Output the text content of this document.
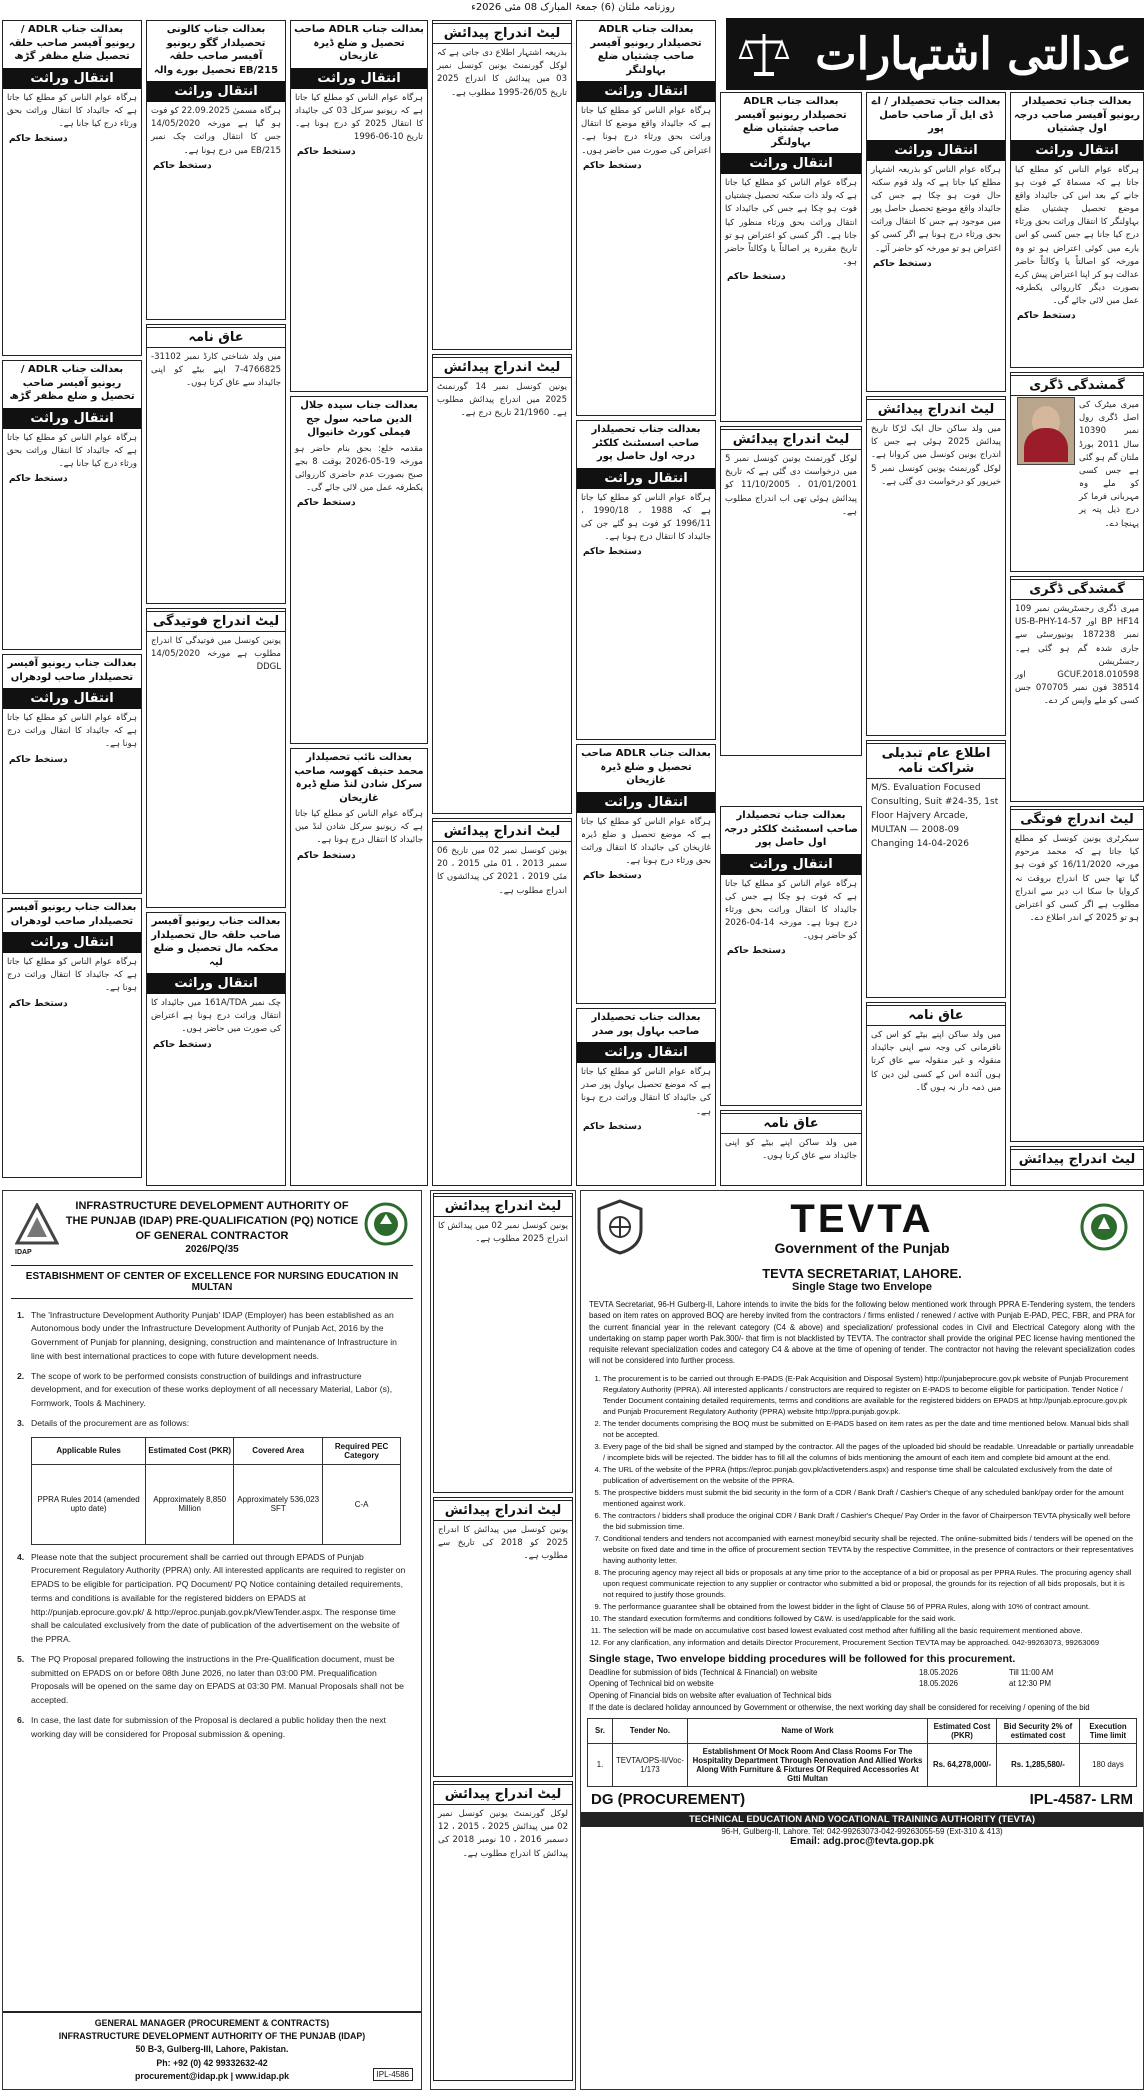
روزنامہ ملتان (6) جمعۃ المبارک 08 مئی 2026ء
عدالتی اشتہارات
بعدالت جناب تحصیلدار ریونیو آفیسر صاحب درجہ اول چشتیاں
انتقال وراثت
ہرگاہ عوام الناس کو مطلع کیا جاتا ہے کہ مسماۃ کے فوت ہو جانے کے بعد اس کی جائیداد واقع موضع تحصیل چشتیاں ضلع بہاولنگر کا انتقال وراثت بحق ورثاء درج کیا جانا ہے جس کسی کو اس بارے میں کوئی اعتراض ہو تو وہ مورخہ کو اصالتاً یا وکالتاً حاضر عدالت ہو کر اپنا اعتراض پیش کرے بصورت دیگر کارروائی یکطرفہ عمل میں لائی جائے گی۔
دستخط حاکم
بعدالت جناب تحصیلدار / اے ڈی ایل آر صاحب حاصل پور
انتقال وراثت
ہرگاہ عوام الناس کو بذریعہ اشتہار مطلع کیا جاتا ہے کہ ولد قوم سکنہ حال فوت ہو چکا ہے جس کی جائیداد واقع موضع تحصیل حاصل پور میں موجود ہے جس کا انتقال وراثت بحق ورثاء درج ہونا ہے اگر کسی کو اعتراض ہو تو مورخہ کو حاضر آئے۔
دستخط حاکم
بعدالت جناب ADLR تحصیلدار ریونیو آفیسر صاحب چشتیاں ضلع بہاولنگر
انتقال وراثت
ہرگاہ عوام الناس کو مطلع کیا جاتا ہے کہ ولد ذات سکنہ تحصیل چشتیاں فوت ہو چکا ہے جس کی جائیداد کا انتقال وراثت بحق ورثاء منظور کیا جانا ہے۔ اگر کسی کو اعتراض ہو تو تاریخ مقررہ پر اصالتاً یا وکالتاً حاضر ہو۔
دستخط حاکم
گمشدگی ڈگری
میری میٹرک کی اصل ڈگری رول نمبر 10390 سال 2011 بورڈ ملتان گم ہو گئی ہے جس کسی کو ملے وہ مہربانی فرما کر درج ذیل پتہ پر پہنچا دے۔
گمشدگی ڈگری
میری ڈگری رجسٹریشن نمبر 109 BP HF14 اور 57-US-B-PHY-14 نمبر 187238 یونیورسٹی سے جاری شدہ گم ہو گئی ہے۔ رجسٹریشن 010598.GCUF.2018 اور 38514 فون نمبر 070705 جس کسی کو ملے واپس کر دے۔
لیٹ اندراج فوتگی
سیکرٹری یونین کونسل کو مطلع کیا جاتا ہے کہ محمد مرحوم مورخہ 16/11/2020 کو فوت ہو گیا تھا جس کا اندراج بروقت نہ کروایا جا سکا اب دیر سے اندراج مطلوب ہے اگر کسی کو اعتراض ہو تو 2025 کے اندر اطلاع دے۔
لیٹ اندراج پیدائش
لیٹ اندراج پیدائش
میں ولد ساکن حال ایک لڑکا تاریخ پیدائش 2025 ہوئی ہے جس کا اندراج یونین کونسل میں کروانا ہے۔ لوکل گورنمنٹ یونین کونسل نمبر 5 خیرپور کو درخواست دی گئی ہے۔
لیٹ اندراج پیدائش
لوکل گورنمنٹ یونین کونسل نمبر 5 میں درخواست دی گئی ہے کہ تاریخ 01/01/2001 ، 11/10/2005 کو پیدائش ہوئی تھی اب اندراج مطلوب ہے۔
اطلاع عام تبدیلی شراکت نامہ
M/S. Evaluation Focused Consulting, Suit #24-35, 1st Floor Hajvery Arcade, MULTAN — 2008-09 Changing 14-04-2026
عاق نامہ
میں ولد ساکن اپنے بیٹے کو اس کی نافرمانی کی وجہ سے اپنی جائیداد منقولہ و غیر منقولہ سے عاق کرتا ہوں آئندہ اس کے کسی لین دین کا میں ذمہ دار نہ ہوں گا۔
بعدالت جناب تحصیلدار صاحب اسسٹنٹ کلکٹر درجہ اول حاصل پور
انتقال وراثت
ہرگاہ عوام الناس کو مطلع کیا جاتا ہے کہ فوت ہو چکا ہے جس کی جائیداد کا انتقال وراثت بحق ورثاء درج ہونا ہے۔ مورخہ 14-04-2026 کو حاضر ہوں۔
دستخط حاکم
بعدالت جناب ADLR تحصیلدار ریونیو آفیسر صاحب چشتیاں ضلع بہاولنگر
انتقال وراثت
ہرگاہ عوام الناس کو مطلع کیا جاتا ہے کہ جائیداد واقع موضع کا انتقال وراثت بحق ورثاء درج ہونا ہے۔ اعتراض کی صورت میں حاضر ہوں۔
دستخط حاکم
بعدالت جناب تحصیلدار صاحب اسسٹنٹ کلکٹر درجہ اول حاصل پور
انتقال وراثت
ہرگاہ عوام الناس کو مطلع کیا جاتا ہے کہ 1988 ، 1990/18 ، 1996/11 کو فوت ہو گئے جن کی جائیداد کا انتقال درج ہونا ہے۔
دستخط حاکم
بعدالت جناب ADLR صاحب تحصیل و ضلع ڈیرہ غازیخان
انتقال وراثت
ہرگاہ عوام الناس کو مطلع کیا جاتا ہے کہ موضع تحصیل و ضلع ڈیرہ غازیخان کی جائیداد کا انتقال وراثت بحق ورثاء درج ہونا ہے۔
دستخط حاکم
بعدالت جناب تحصیلدار صاحب بہاول پور صدر
انتقال وراثت
ہرگاہ عوام الناس کو مطلع کیا جاتا ہے کہ موضع تحصیل بہاول پور صدر کی جائیداد کا انتقال وراثت درج ہونا ہے۔
دستخط حاکم	عاق نامہ
میں ولد ساکن اپنے بیٹے کو اپنی جائیداد سے عاق کرتا ہوں۔
لیٹ اندراج پیدائش
بذریعہ اشتہار اطلاع دی جاتی ہے کہ لوکل گورنمنٹ یونین کونسل نمبر 03 میں پیدائش کا اندراج 2025 تاریخ 26/05-1995 مطلوب ہے۔
لیٹ اندراج پیدائش
یونین کونسل نمبر 14 گورنمنٹ 2025 میں اندراج پیدائش مطلوب ہے۔ 21/1960 تاریخ درج ہے۔
لیٹ اندراج پیدائش
یونین کونسل نمبر 02 میں تاریخ 06 سمبر 2013 ، 01 مئی 2015 ، 20 مئی 2019 ، 2021 کی پیدائشوں کا اندراج مطلوب ہے۔
بعدالت جناب ADLR صاحب تحصیل و ضلع ڈیرہ غازیخان
انتقال وراثت
ہرگاہ عوام الناس کو مطلع کیا جاتا ہے کہ ریونیو سرکل 03 کی جائیداد کا انتقال 2025 کو درج ہونا ہے۔ تاریخ 10-06-1996
دستخط حاکم
بعدالت جناب سیدہ جلال الدین صاحبہ سول جج فیملی کورٹ خانیوال
مقدمہ خلع: بحق بنام حاضر ہو مورخہ 19-05-2026 بوقت 8 بجے صبح بصورت عدم حاضری کارروائی یکطرفہ عمل میں لائی جائے گی۔
دستخط حاکم
بعدالت نائب تحصیلدار محمد حنیف کھوسہ صاحب سرکل شادن لنڈ ضلع ڈیرہ غازیخان
ہرگاہ عوام الناس کو مطلع کیا جاتا ہے کہ ریونیو سرکل شادن لنڈ میں جائیداد کا انتقال درج ہونا ہے۔
دستخط حاکم
بعدالت جناب کالونی تحصیلدار گگو ریونیو آفیسر صاحب حلقہ 215/EB تحصیل بورے والہ
انتقال وراثت
ہرگاہ مسمیٰ 22.09.2025 کو فوت ہو گیا ہے مورخہ 14/05/2020 جس کا انتقال وراثت چک نمبر 215/EB میں درج ہونا ہے۔
دستخط حاکم
عاق نامہ
میں ولد شناختی کارڈ نمبر 31102-4766825-7 اپنے بیٹے کو اپنی جائیداد سے عاق کرتا ہوں۔
لیٹ اندراج فوتیدگی
یونین کونسل میں فوتیدگی کا اندراج مطلوب ہے مورخہ 14/05/2020 DDGL
بعدالت جناب ریونیو آفیسر صاحب حلقہ حال تحصیلدار محکمہ مال تحصیل و ضلع لیہ
انتقال وراثت
چک نمبر 161A/TDA میں جائیداد کا انتقال وراثت درج ہونا ہے اعتراض کی صورت میں حاضر ہوں۔
دستخط حاکم
بعدالت جناب ADLR / ریونیو آفیسر صاحب حلقہ تحصیل ضلع مظفر گڑھ
انتقال وراثت
ہرگاہ عوام الناس کو مطلع کیا جاتا ہے کہ جائیداد کا انتقال وراثت بحق ورثاء درج کیا جانا ہے۔
دستخط حاکم
بعدالت جناب ADLR / ریونیو آفیسر صاحب تحصیل و ضلع مظفر گڑھ
انتقال وراثت
ہرگاہ عوام الناس کو مطلع کیا جاتا ہے کہ جائیداد کا انتقال وراثت بحق ورثاء درج کیا جانا ہے۔
دستخط حاکم
بعدالت جناب ریونیو آفیسر تحصیلدار صاحب لودھراں
انتقال وراثت
ہرگاہ عوام الناس کو مطلع کیا جاتا ہے کہ جائیداد کا انتقال وراثت درج ہونا ہے۔
دستخط حاکم
بعدالت جناب ریونیو آفیسر تحصیلدار صاحب لودھراں
انتقال وراثت
ہرگاہ عوام الناس کو مطلع کیا جاتا ہے کہ جائیداد کا انتقال وراثت درج ہونا ہے۔
دستخط حاکم
لیٹ اندراج پیدائش
یونین کونسل نمبر 02 میں پیدائش کا اندراج 2025 مطلوب ہے۔
لیٹ اندراج پیدائش
یونین کونسل میں پیدائش کا اندراج 2025 کو 2018 کی تاریخ سے مطلوب ہے۔
لیٹ اندراج پیدائش
لوکل گورنمنٹ یونین کونسل نمبر 02 میں پیدائش 2025 ، 2015 ، 12 دسمبر 2016 ، 10 نومبر 2018 کی پیدائش کا اندراج مطلوب ہے۔
IDAP
INFRASTRUCTURE DEVELOPMENT AUTHORITY OF THE PUNJAB (IDAP) PRE-QUALIFICATION (PQ) NOTICE OF GENERAL CONTRACTOR
2026/PQ/35
ESTABISHMENT OF CENTER OF EXCELLENCE FOR NURSING EDUCATION IN MULTAN

1. The 'Infrastructure Development Authority Punjab' IDAP (Employer) has been established as an Autonomous body under the Infrastructure Development Authority of Punjab Act, 2016 by the Government of Punjab for planning, designing, construction and maintenance of Infrastructure in line with best international practices to cope with future development needs.

2. The scope of work to be performed consists construction of buildings and infrastructure development, and for execution of these works deployment of all necessary Material, Labor (s), Formwork, Tools & Machinery.

3. Details of the procurement are as follows:

Applicable Rules	Estimated Cost (PKR)	Covered Area	Required PEC Category
PPRA Rules 2014 (amended upto date)	Approximately 8,850 Million	Approximately 536,023 SFT	C-A

4. Please note that the subject procurement shall be carried out through EPADS of Punjab Procurement Regulatory Authority (PPRA) only. All interested applicants are required to register on EPADS to be eligible for participation. PQ Document/ PQ Notice containing detailed requirements, terms and conditions is available for the registered bidders on EPADS at http://punjab.eprocure.gov.pk/ & http://eproc.punjab.gov.pk/ViewTender.aspx. The response time shall be calculated exclusively from the date of publication of the advertisement on the website of the PPRA.

5. The PQ Proposal prepared following the instructions in the Pre-Qualification document, must be submitted on EPADS on or before 08th June 2026, no later than 03:00 PM. Prequalification Proposals will be opened on the same day on EPADS at 03:30 PM. Manual Proposals shall not be accepted.

6. In case, the last date for submission of the Proposal is declared a public holiday then the next working day will be considered for Proposal submission & opening.

GENERAL MANAGER (PROCUREMENT & CONTRACTS)
INFRASTRUCTURE DEVELOPMENT AUTHORITY OF THE PUNJAB (IDAP)
50 B-3, Gulberg-III, Lahore, Pakistan.
Ph: +92 (0) 42 99332632-42
procurement@idap.pk | www.idap.pk	IPL-4586
TEVTA
Government of the Punjab
TEVTA SECRETARIAT, LAHORE.
Single Stage two Envelope
TEVTA Secretariat, 96-H Gulberg-II, Lahore intends to invite the bids for the following below mentioned work through PPRA E-Tendering system, the tenders based on item rates on approved BOQ are hereby invited from the contractors / firms enlisted / renewed / active with Punjab E-PAD, PEC, FBR, and PRA for the current financial year in the relevant category (C4 & above) and specialization/ professional codes in Civil and Electrical Category along with the undertaking on stamp paper worth Pak.300/- that firm is not blacklisted by TEVTA. The contractor shall provide the original PEC license having mentioned the requisite relevant specialization codes and category C4 & above at the time of opening of tender. The contractor not having the relevant specialization codes will not be considered into further process.
1. The procurement is to be carried out through E-PADS (E-Pak Acquisition and Disposal System) http://punjabeprocure.gov.pk website of Punjab Procurement Regulatory Authority (PPRA). All interested applicants / constructors are required to register on E-PADS to become eligible for participation. Tender Notice / Tender Document containing detailed requirements, terms and conditions are available for the registered bidders on EPADS at http://punjab.eprocure.gov.pk and Punjab Procurement Regulatory Authority (PPRA) website http://ppra.punjab.gov.pk.
2. The tender documents comprising the BOQ must be submitted on E-PADS based on item rates as per the date and time mentioned below. Manual bids shall not be accepted.
3. Every page of the bid shall be signed and stamped by the contractor. All the pages of the uploaded bid should be readable. Unreadable or partially unreadable / incomplete bids will be rejected. The bidder has to fill all the columns of bids mentioning the amount of each item and complete bid amount at the end.
4. The URL of the website of the PPRA (https://eproc.punjab.gov.pk/activetenders.aspx) and response time shall be calculated exclusively from the date of publication of advertisement on the website of the PPRA.
5. The prospective bidders must submit the bid security in the form of a CDR / Bank Draft / Cashier's Cheque of any scheduled bank/pay order for the amount mentioned against work.
6. The contractors / bidders shall produce the original CDR / Bank Draft / Cashier's Cheque/ Pay Order in the favor of Chairperson TEVTA physically well before the bid submission time.
7. Conditional tenders and tenders not accompanied with earnest money/bid security shall be rejected. The online-submitted bids / tenders will be opened on the website on fixed date and time in the office of procurement section TEVTA by the respective Committee, in the presence of contractors or their representatives having authority letter.
8. The procuring agency may reject all bids or proposals at any time prior to the acceptance of a bid or proposal as per PPRA Rules. The procuring agency shall upon request communicate rejection to any supplier or contractor who submitted a bid or proposal, the grounds for its rejection of all bids proposals, but it is not required to justify those grounds.
9. The performance guarantee shall be obtained from the lowest bidder in the light of Clause 56 of PPRA Rules, along with 10% of contract amount.
10. The standard execution form/terms and conditions followed by C&W. is used/applicable for the said work.
11. The selection will be made on accumulative cost based lowest evaluated cost method after fulfilling all the basic requirement mentioned above.
12. For any clarification, any information and details Director Procurement, Procurement Section TEVTA may be approached. 042-99263073, 99263069
Single stage, Two envelope bidding procedures will be followed for this procurement.
Deadline for submission of bids (Technical & Financial) on website	18.05.2026	Till 11:00 AM
Opening of Technical bid on website	18.05.2026	at 12:30 PM
Opening of Financial bids on website after evaluation of Technical bids
If the date is declared holiday announced by Government or otherwise, the next working day shall be considered for receiving / opening of the bid
Sr.	Tender No.	Name of Work	Estimated Cost (PKR)	Bid Security 2% of estimated cost	Execution Time limit
1.	TEVTA/OPS-II/Voc-1/173	Establishment Of Mock Room And Class Rooms For The Hospitality Department Through Renovation And Allied Works Along With Furniture & Fixtures Of Required Accessories At Gtti Multan	Rs. 64,278,000/-	Rs. 1,285,580/-	180 days
DG (PROCUREMENT)	IPL-4587- LRM
TECHNICAL EDUCATION AND VOCATIONAL TRAINING AUTHORITY (TEVTA)
96-H, Gulberg-II, Lahore. Tel: 042-99263073-042-99263055-59 (Ext-310 & 413)
Email: adg.proc@tevta.gop.pk
